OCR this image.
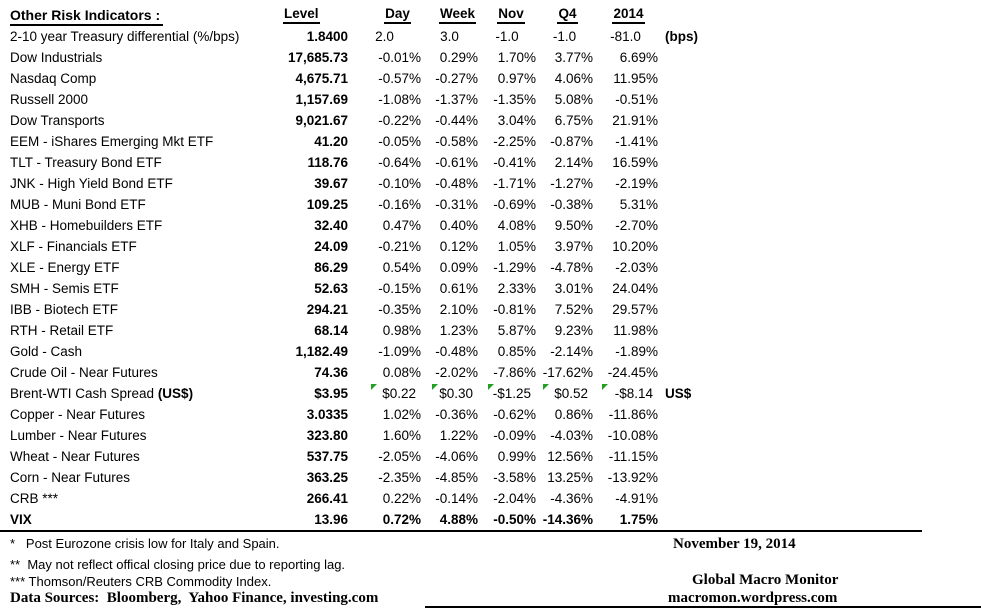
Other Risk Indicators :	Level	Day	Week	Nov	Q4	2014
2-10 year Treasury differential (%/bps)	1.8400	2.0	3.0	-1.0	-1.0	-81.0	(bps)
Dow Industrials	17,685.73	-0.01%	0.29%	1.70%	3.77%	6.69%
Nasdaq Comp	4,675.71	-0.57%	-0.27%	0.97%	4.06%	11.95%
Russell 2000	1,157.69	-1.08%	-1.37%	-1.35%	5.08%	-0.51%
Dow Transports	9,021.67	-0.22%	-0.44%	3.04%	6.75%	21.91%
EEM - iShares Emerging Mkt ETF	41.20	-0.05%	-0.58%	-2.25%	-0.87%	-1.41%
TLT - Treasury Bond ETF	118.76	-0.64%	-0.61%	-0.41%	2.14%	16.59%
JNK - High Yield Bond ETF	39.67	-0.10%	-0.48%	-1.71%	-1.27%	-2.19%
MUB - Muni Bond ETF	109.25	-0.16%	-0.31%	-0.69%	-0.38%	5.31%
XHB - Homebuilders ETF	32.40	0.47%	0.40%	4.08%	9.50%	-2.70%
XLF - Financials ETF	24.09	-0.21%	0.12%	1.05%	3.97%	10.20%
XLE - Energy ETF	86.29	0.54%	0.09%	-1.29%	-4.78%	-2.03%
SMH - Semis ETF	52.63	-0.15%	0.61%	2.33%	3.01%	24.04%
IBB - Biotech ETF	294.21	-0.35%	2.10%	-0.81%	7.52%	29.57%
RTH - Retail ETF	68.14	0.98%	1.23%	5.87%	9.23%	11.98%
Gold - Cash	1,182.49	-1.09%	-0.48%	0.85%	-2.14%	-1.89%
Crude Oil - Near Futures	74.36	0.08%	-2.02%	-7.86% -17.62%	-24.45%
Brent-WTI Cash Spread (US$)	$3.95	$0.22	$0.30	-$1.25	$0.52	-$8.14 US$
Copper - Near Futures	3.0335	1.02%	-0.36%	-0.62%	0.86%	-11.86%
Lumber - Near Futures	323.80	1.60%	1.22%	-0.09%	-4.03%	-10.08%
Wheat - Near Futures	537.75	-2.05%	-4.06%	0.99% 12.56%	-11.15%
Corn - Near Futures	363.25	-2.35%	-4.85%	-3.58% 13.25%	-13.92%
CRB ***	266.41	0.22%	-0.14%	-2.04%	-4.36%	-4.91%
VIX	13.96	0.72%	4.88%	-0.50% -14.36%	1.75%
*   Post Eurozone crisis low for Italy and Spain.
**  May not reflect offical closing price due to reporting lag.
*** Thomson/Reuters CRB Commodity Index.
Data Sources:  Bloomberg,  Yahoo Finance, investing.com
November 19, 2014
Global Macro Monitor
macromon.wordpress.com
